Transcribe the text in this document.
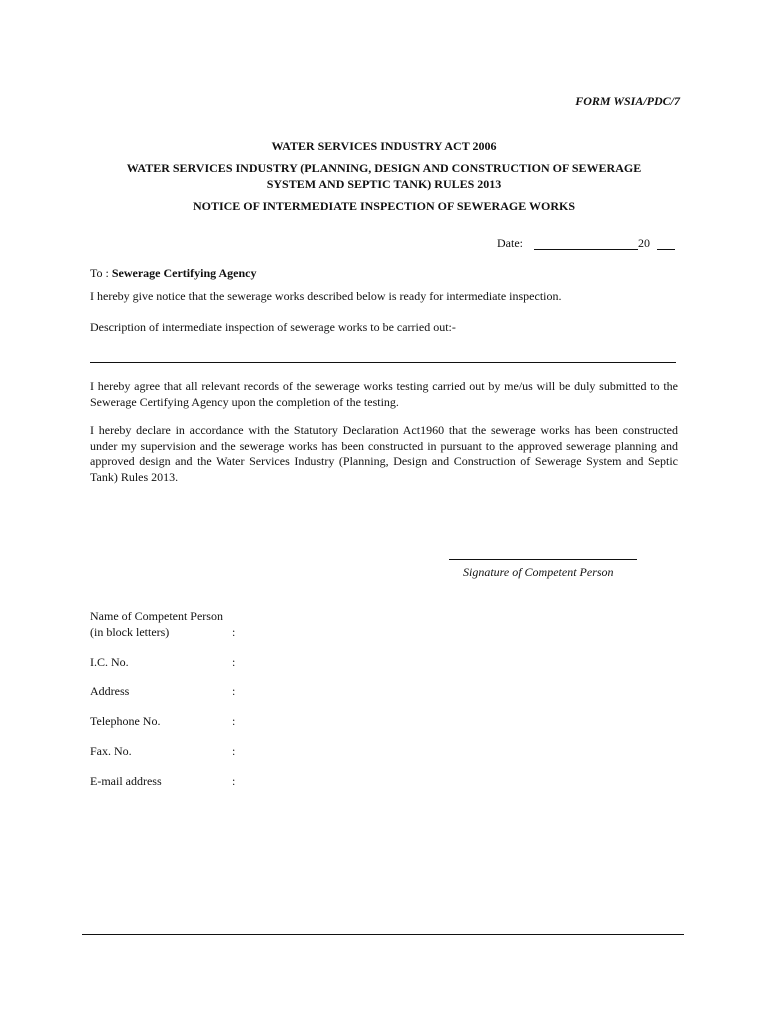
FORM WSIA/PDC/7
WATER SERVICES INDUSTRY ACT 2006
WATER SERVICES INDUSTRY (PLANNING, DESIGN AND CONSTRUCTION OF SEWERAGE
SYSTEM AND SEPTIC TANK) RULES 2013
NOTICE OF INTERMEDIATE INSPECTION OF SEWERAGE WORKS
Date:	20
To : Sewerage Certifying Agency
I hereby give notice that the sewerage works described below is ready for intermediate inspection.
Description of intermediate inspection of sewerage works to be carried out:-
I hereby agree that all relevant records of the sewerage works testing carried out by me/us will be duly submitted to the Sewerage Certifying Agency upon the completion of the testing.
I hereby declare in accordance with the Statutory Declaration Act1960 that the sewerage works has been constructed under my supervision and the sewerage works has been constructed in pursuant to the approved sewerage planning and approved design and the Water Services Industry (Planning, Design and Construction of Sewerage System and Septic Tank) Rules 2013.
Signature of Competent Person
Name of Competent Person
(in block letters)	:
I.C. No.	:
Address	:
Telephone No.	:
Fax. No.	:
E-mail address	:
